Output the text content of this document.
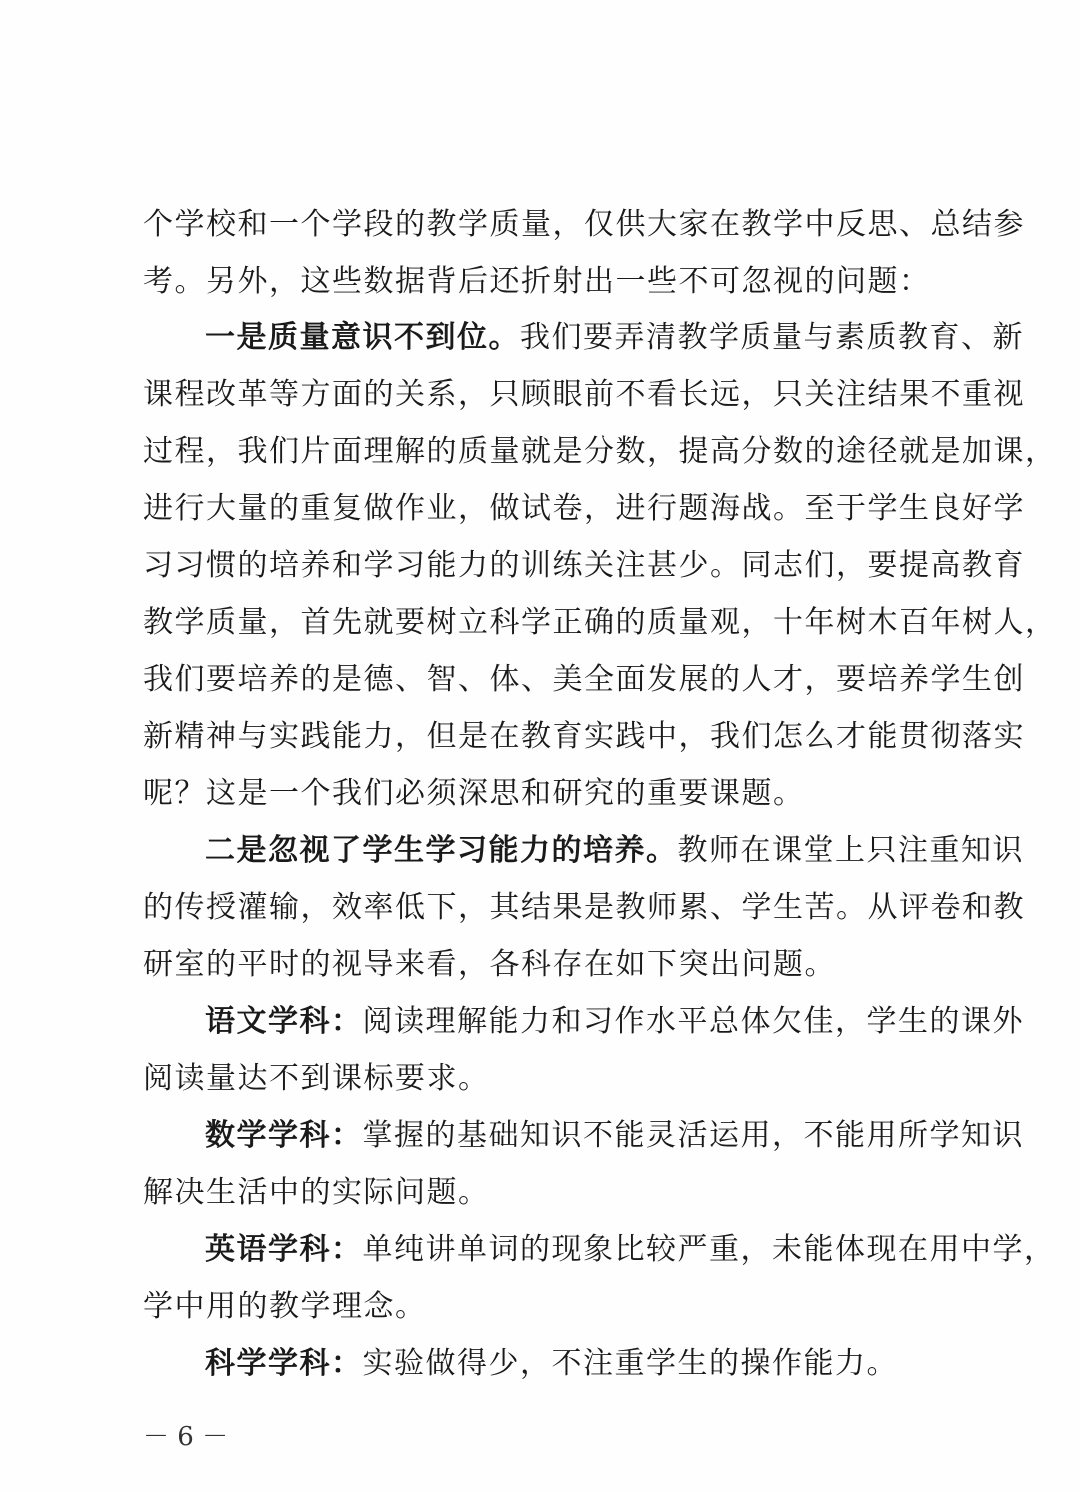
个学校和一个学段的教学质量，仅供大家在教学中反思、总结参
考。另外，这些数据背后还折射出一些不可忽视的问题：
一是质量意识不到位。我们要弄清教学质量与素质教育、新
课程改革等方面的关系，只顾眼前不看长远，只关注结果不重视
过程，我们片面理解的质量就是分数，提高分数的途径就是加课，
进行大量的重复做作业，做试卷，进行题海战。至于学生良好学
习习惯的培养和学习能力的训练关注甚少。同志们，要提高教育
教学质量，首先就要树立科学正确的质量观，十年树木百年树人，
我们要培养的是德、智、体、美全面发展的人才，要培养学生创
新精神与实践能力，但是在教育实践中，我们怎么才能贯彻落实
呢？这是一个我们必须深思和研究的重要课题。
二是忽视了学生学习能力的培养。教师在课堂上只注重知识
的传授灌输，效率低下，其结果是教师累、学生苦。从评卷和教
研室的平时的视导来看，各科存在如下突出问题。
语文学科：阅读理解能力和习作水平总体欠佳，学生的课外
阅读量达不到课标要求。
数学学科：掌握的基础知识不能灵活运用，不能用所学知识
解决生活中的实际问题。
英语学科：单纯讲单词的现象比较严重，未能体现在用中学，
学中用的教学理念。
科学学科：实验做得少，不注重学生的操作能力。
－ 6 －
